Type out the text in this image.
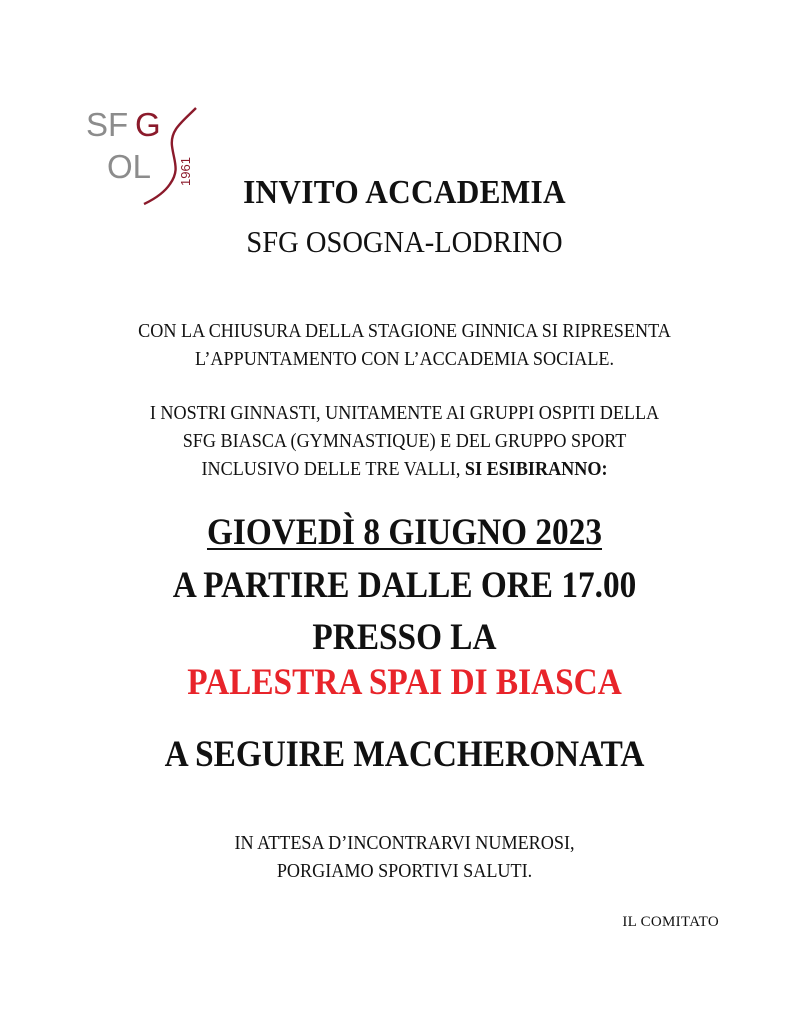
SF G
OL 1961
INVITO ACCADEMIA
SFG OSOGNA-LODRINO
CON LA CHIUSURA DELLA STAGIONE GINNICA SI RIPRESENTA
L’APPUNTAMENTO CON L’ACCADEMIA SOCIALE.
I NOSTRI GINNASTI, UNITAMENTE AI GRUPPI OSPITI DELLA
SFG BIASCA (GYMNASTIQUE) E DEL GRUPPO SPORT
INCLUSIVO DELLE TRE VALLI, SI ESIBIRANNO:
GIOVEDÌ 8 GIUGNO 2023
A PARTIRE DALLE ORE 17.00
PRESSO LA
PALESTRA SPAI DI BIASCA
A SEGUIRE MACCHERONATA
IN ATTESA D’INCONTRARVI NUMEROSI,
PORGIAMO SPORTIVI SALUTI.
IL COMITATO
